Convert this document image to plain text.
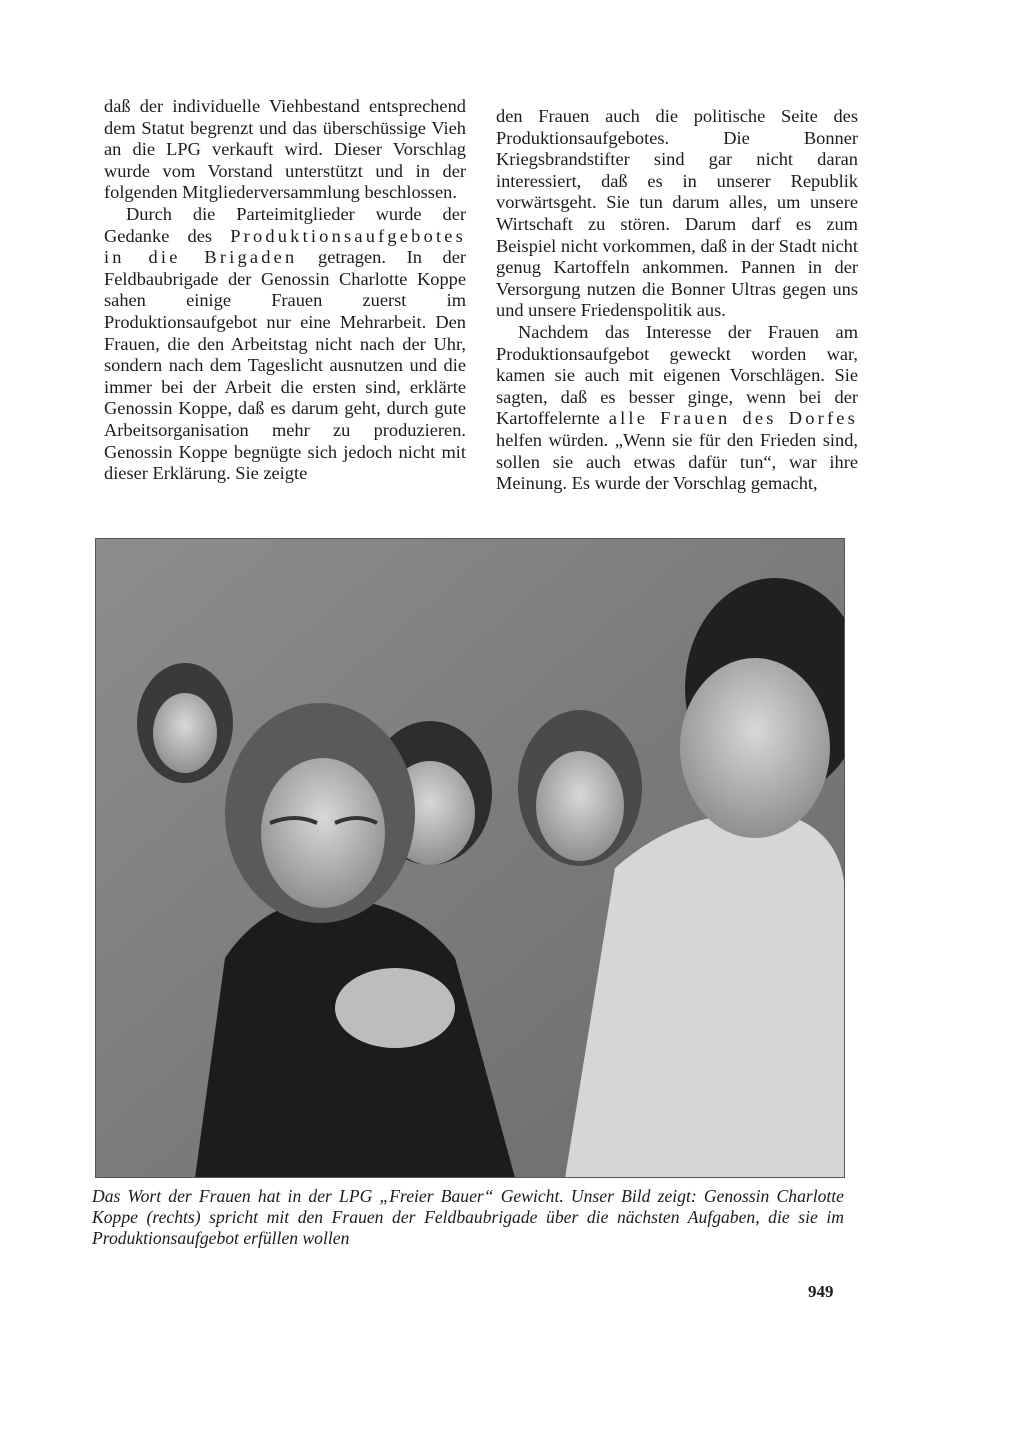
daß der individuelle Viehbestand entsprechend dem Statut begrenzt und das überschüssige Vieh an die LPG verkauft wird. Dieser Vorschlag wurde vom Vorstand unterstützt und in der folgenden Mitgliederversammlung beschlossen.

Durch die Parteimitglieder wurde der Gedanke des Produktionsaufgebotes in die Brigaden getragen. In der Feldbaubrigade der Genossin Charlotte Koppe sahen einige Frauen zuerst im Produktionsaufgebot nur eine Mehrarbeit. Den Frauen, die den Arbeitstag nicht nach der Uhr, sondern nach dem Tageslicht ausnutzen und die immer bei der Arbeit die ersten sind, erklärte Genossin Koppe, daß es darum geht, durch gute Arbeitsorganisation mehr zu produzieren. Genossin Koppe begnügte sich jedoch nicht mit dieser Erklärung. Sie zeigte

den Frauen auch die politische Seite des Produktionsaufgebotes. Die Bonner Kriegsbrandstifter sind gar nicht daran interessiert, daß es in unserer Republik vorwärtsgeht. Sie tun darum alles, um unsere Wirtschaft zu stören. Darum darf es zum Beispiel nicht vorkommen, daß in der Stadt nicht genug Kartoffeln ankommen. Pannen in der Versorgung nutzen die Bonner Ultras gegen uns und unsere Friedenspolitik aus.

Nachdem das Interesse der Frauen am Produktionsaufgebot geweckt worden war, kamen sie auch mit eigenen Vorschlägen. Sie sagten, daß es besser ginge, wenn bei der Kartoffelernte alle Frauen des Dorfes helfen würden. „Wenn sie für den Frieden sind, sollen sie auch etwas dafür tun“, war ihre Meinung. Es wurde der Vorschlag gemacht,

Das Wort der Frauen hat in der LPG „Freier Bauer“ Gewicht. Unser Bild zeigt: Genossin Charlotte Koppe (rechts) spricht mit den Frauen der Feldbaubrigade über die nächsten Aufgaben, die sie im Produktionsaufgebot erfüllen wollen
949
